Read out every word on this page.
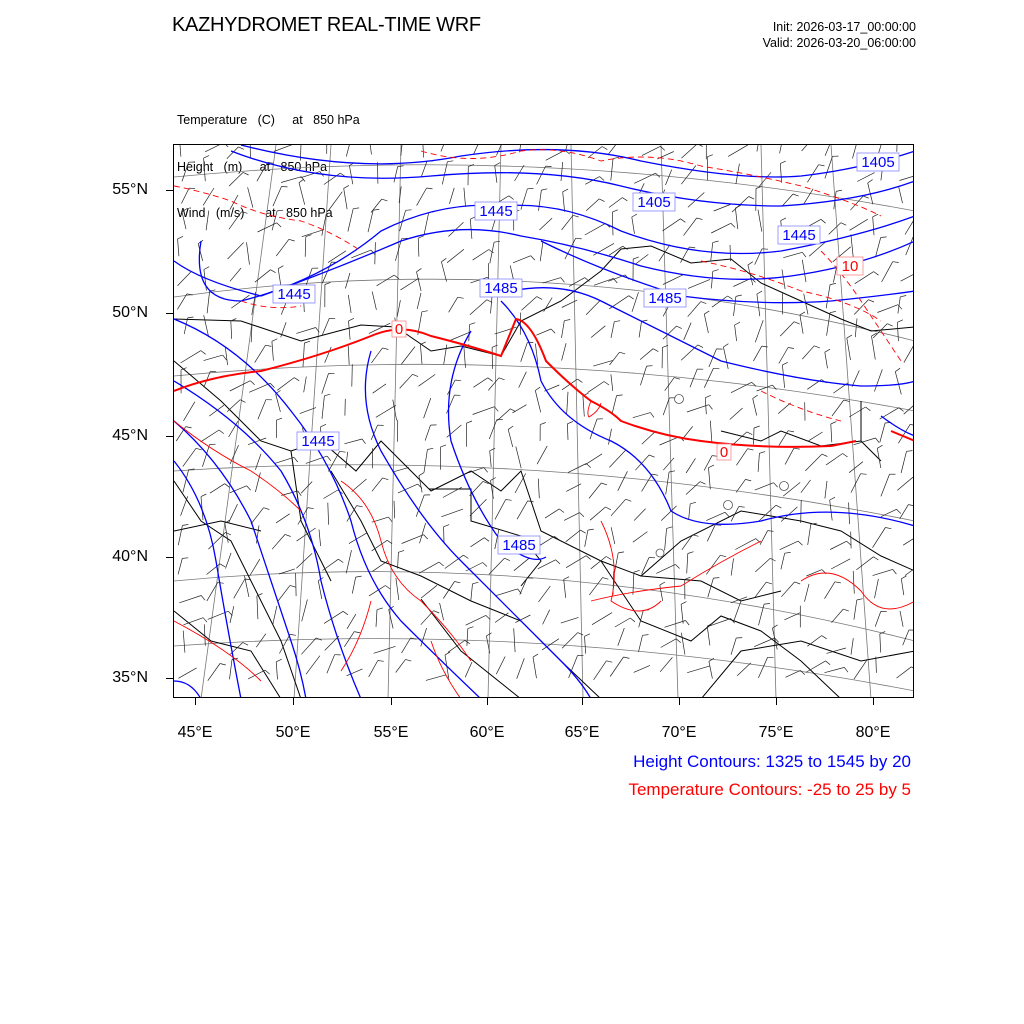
KAZHYDROMET REAL-TIME WRF	Init: 2026-03-17_00:00:00
Valid: 2026-03-20_06:00:00

Temperature   (C)     at   850 hPa

Height   (m)     at   850 hPa

Wind   (m/s)      at   850 hPa

1405
1405
1445
1445
1445
1445
1485
1485
1485
10
0
0
55°N
50°N
45°N
40°N
35°N
45°E	50°E	55°E	60°E	65°E	70°E	75°E	80°E
Height Contours: 1325 to 1545 by 20
Temperature Contours: -25 to 25 by 5
